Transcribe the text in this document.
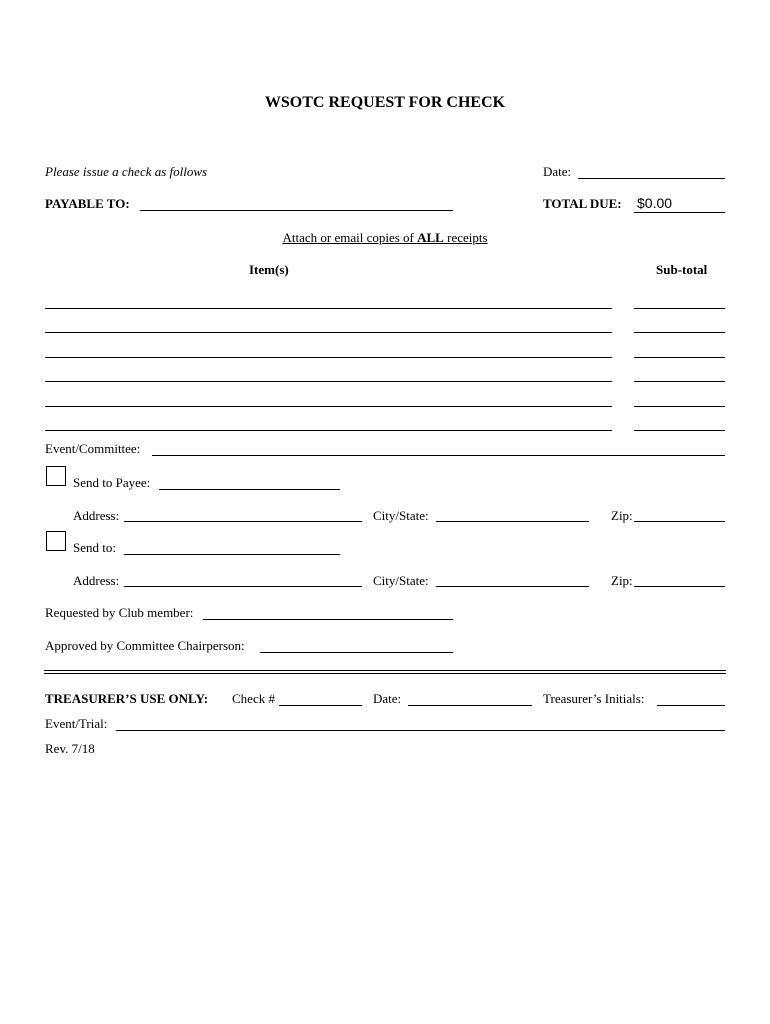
WSOTC REQUEST FOR CHECK
Please issue a check as follows	Date:
PAYABLE TO:	TOTAL DUE: $0.00
Attach or email copies of ALL receipts
Item(s)	Sub-total
Event/Committee:
Send to Payee:
Address:	City/State:	Zip:
Send to:
Address:	City/State:	Zip:
Requested by Club member:
Approved by Committee Chairperson:
TREASURER’S USE ONLY: Check #	Date:	Treasurer’s Initials:
Event/Trial:
Rev. 7/18
